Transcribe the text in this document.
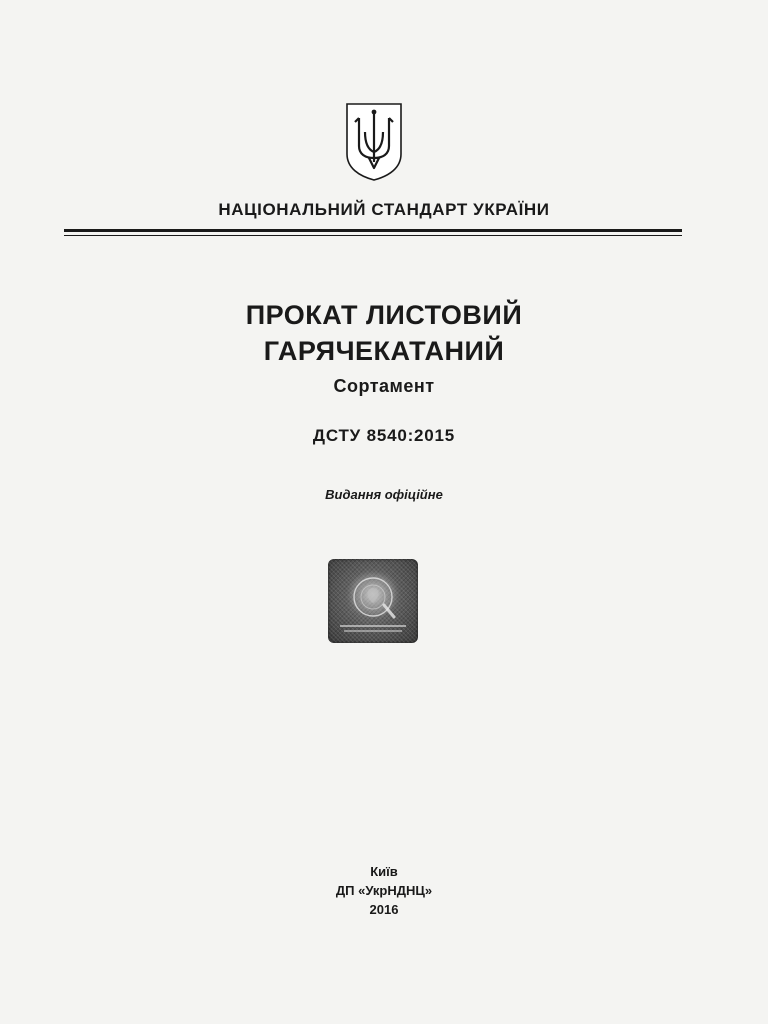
НАЦІОНАЛЬНИЙ СТАНДАРТ УКРАЇНИ
ПРОКАТ ЛИСТОВИЙ
ГАРЯЧЕКАТАНИЙ
Сортамент
ДСТУ 8540:2015
Видання офіційне
Київ
ДП «УкрНДНЦ»
2016
